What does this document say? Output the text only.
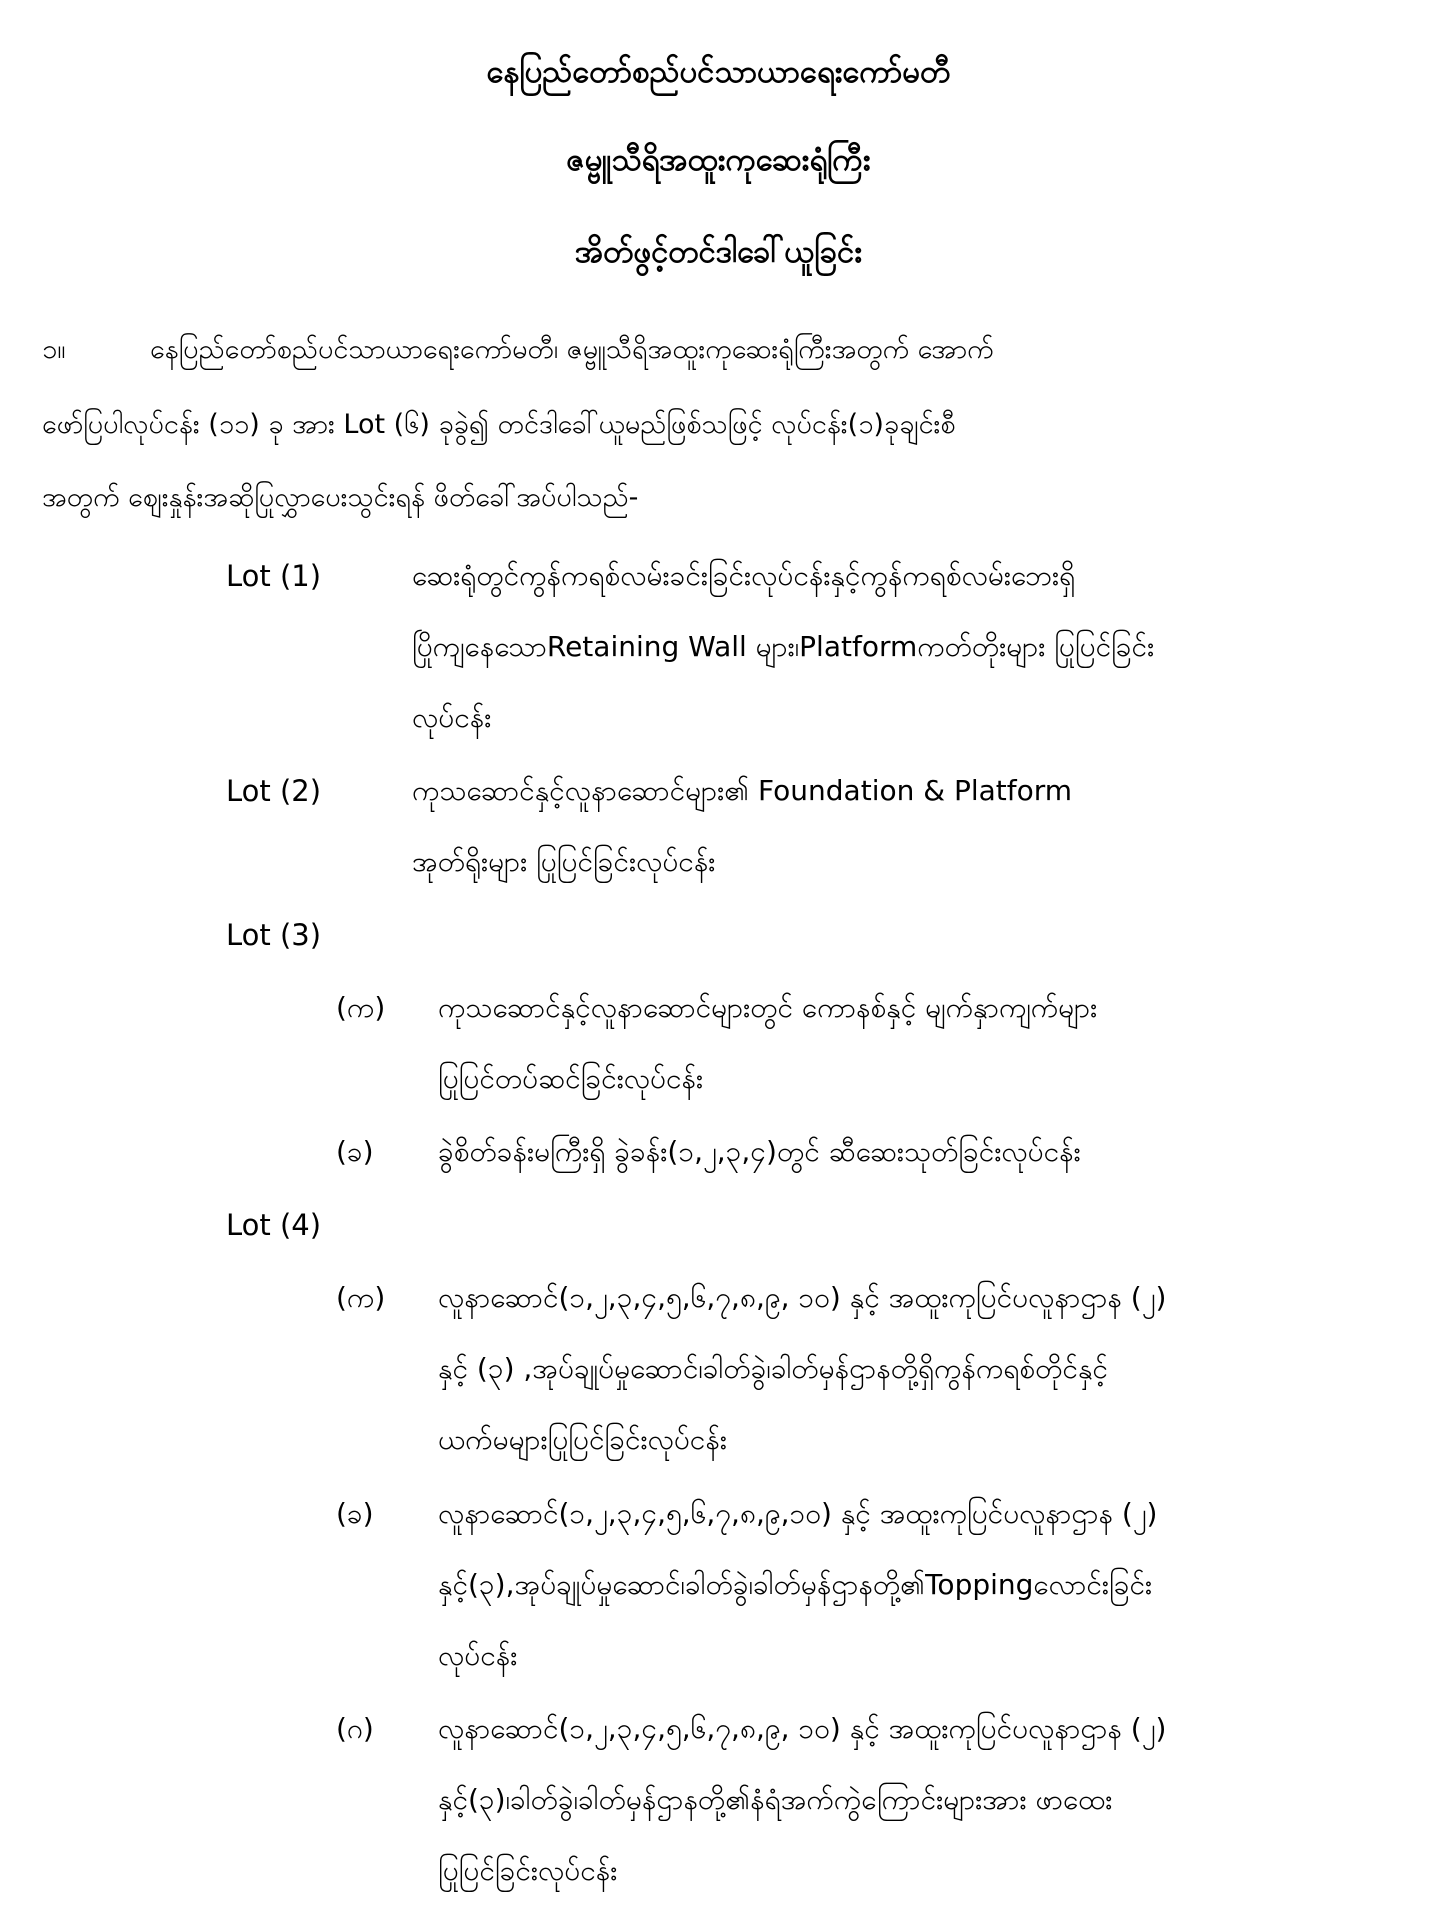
နေပြည်တော်စည်ပင်သာယာရေးကော်မတီ
ဇမ္ဗူသီရိအထူးကုဆေးရုံကြီး
အိတ်ဖွင့်တင်ဒါခေါ်ယူခြင်း
၁။	နေပြည်တော်စည်ပင်သာယာရေးကော်မတီ၊ ဇမ္ဗူသီရိအထူးကုဆေးရုံကြီးအတွက် အောက်
ဖော်ပြပါလုပ်ငန်း (၁၁) ခု အား Lot (၆) ခုခွဲ၍ တင်ဒါခေါ်ယူမည်ဖြစ်သဖြင့် လုပ်ငန်း(၁)ခုချင်းစီ
အတွက် ဈေးနှုန်းအဆိုပြုလွှာပေးသွင်းရန် ဖိတ်ခေါ်အပ်ပါသည်-
Lot (1)	ဆေးရုံတွင်ကွန်ကရစ်လမ်းခင်းခြင်းလုပ်ငန်းနှင့်ကွန်ကရစ်လမ်းဘေးရှိ
ပြိုကျနေသောRetaining Wall များ၊Platformကတ်တိုးများ ပြုပြင်ခြင်း
လုပ်ငန်း
Lot (2)	ကုသဆောင်နှင့်လူနာဆောင်များ၏ Foundation & Platform
အုတ်ရိုးများ ပြုပြင်ခြင်းလုပ်ငန်း
Lot (3)
(က) ကုသဆောင်နှင့်လူနာဆောင်များတွင် ကောနစ်နှင့် မျက်နှာကျက်များ
ပြုပြင်တပ်ဆင်ခြင်းလုပ်ငန်း
(ခ) ခွဲစိတ်ခန်းမကြီးရှိ ခွဲခန်း(၁,၂,၃,၄)တွင် ဆီဆေးသုတ်ခြင်းလုပ်ငန်း
Lot (4)
(က) လူနာဆောင်(၁,၂,၃,၄,၅,၆,၇,၈,၉, ၁၀) နှင့် အထူးကုပြင်ပလူနာဌာန (၂)
နှင့် (၃) ,အုပ်ချုပ်မှုဆောင်၊ခါတ်ခွဲ၊ခါတ်မှန်ဌာနတို့ရှိကွန်ကရစ်တိုင်နှင့်
ယက်မများပြုပြင်ခြင်းလုပ်ငန်း
(ခ) လူနာဆောင်(၁,၂,၃,၄,၅,၆,၇,၈,၉,၁၀) နှင့် အထူးကုပြင်ပလူနာဌာန (၂)
နှင့်(၃),အုပ်ချုပ်မှုဆောင်၊ခါတ်ခွဲ၊ခါတ်မှန်ဌာနတို့၏Toppingလောင်းခြင်း
လုပ်ငန်း
(ဂ) လူနာဆောင်(၁,၂,၃,၄,၅,၆,၇,၈,၉, ၁၀) နှင့် အထူးကုပြင်ပလူနာဌာန (၂)
နှင့်(၃)၊ခါတ်ခွဲ၊ခါတ်မှန်ဌာနတို့၏နံရံအက်ကွဲကြောင်းများအား ဖာထေး
ပြုပြင်ခြင်းလုပ်ငန်း
